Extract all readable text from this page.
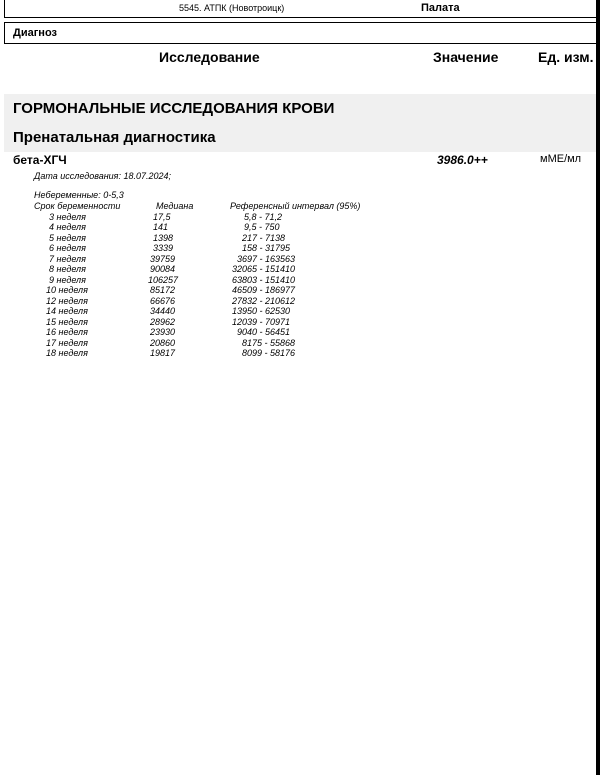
5545. АТПК (Новотроицк)	Палата
Диагноз
Исследование	Значение	Ед. изм.
ГОРМОНАЛЬНЫЕ ИССЛЕДОВАНИЯ КРОВИ
Пренатальная диагностика
бета-ХГЧ	3986.0++	мМЕ/мл
Дата исследования: 18.07.2024;
Небеременные: 0-5,3
Срок беременности	Медиана	Референсный интервал (95%)
3 неделя	17,5	5,8 - 71,2
4 неделя	141	9,5 - 750
5 неделя	1398	217 - 7138
6 неделя	3339	158 - 31795
7 неделя	39759	3697 - 163563
8 неделя	90084	32065 - 151410
9 неделя	106257	63803 - 151410
10 неделя	85172	46509 - 186977
12 неделя	66676	27832 - 210612
14 неделя	34440	13950 - 62530
15 неделя	28962	12039 - 70971
16 неделя	23930	9040 - 56451
17 неделя	20860	8175 - 55868
18 неделя	19817	8099 - 58176
